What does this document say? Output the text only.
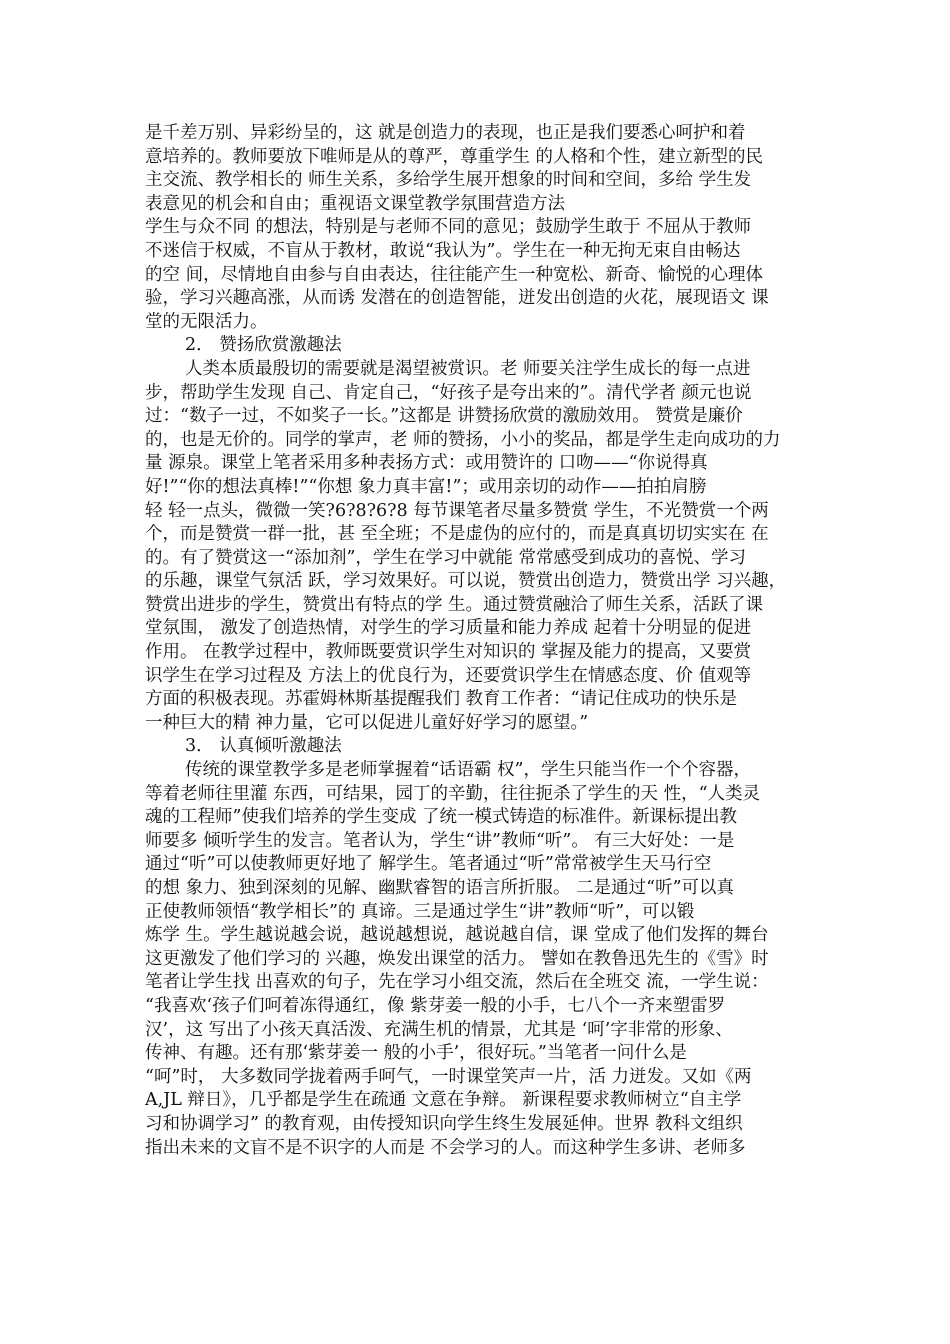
是千差万别、异彩纷呈的，这 就是创造力的表现，也正是我们要悉心呵护和着
意培养的。教师要放下唯师是从的尊严，尊重学生 的人格和个性，建立新型的民
主交流、教学相长的 师生关系，多给学生展开想象的时间和空间，多给 学生发
表意见的机会和自由；重视语文课堂教学氛围营造方法
学生与众不同 的想法，特别是与老师不同的意见；鼓励学生敢于 不屈从于教师
不迷信于权威，不盲从于教材，敢说“我认为”。学生在一种无拘无束自由畅达
的空 间，尽情地自由参与自由表达，往往能产生一种宽松、新奇、愉悦的心理体
验，学习兴趣高涨，从而诱 发潜在的创造智能，迸发出创造的火花，展现语文 课
堂的无限活力。
2． 赞扬欣赏激趣法
人类本质最殷切的需要就是渴望被赏识。老 师要关注学生成长的每一点进
步，帮助学生发现 自己、肯定自己，“好孩子是夸出来的”。清代学者 颜元也说
过：“数子一过，不如奖子一长。”这都是 讲赞扬欣赏的激励效用。 赞赏是廉价
的，也是无价的。同学的掌声，老 师的赞扬，小小的奖品，都是学生走向成功的力
量 源泉。课堂上笔者采用多种表扬方式：或用赞许的 口吻——“你说得真
好!”“你的想法真棒!”“你想 象力真丰富!”；或用亲切的动作——拍拍肩膀
轻 轻一点头，微微一笑?6?8?6?8 每节课笔者尽量多赞赏 学生，不光赞赏一个两
个，而是赞赏一群一批，甚 至全班；不是虚伪的应付的，而是真真切切实实在 在
的。有了赞赏这一“添加剂”，学生在学习中就能 常常感受到成功的喜悦、学习
的乐趣，课堂气氛活 跃，学习效果好。可以说，赞赏出创造力，赞赏出学 习兴趣，
赞赏出进步的学生，赞赏出有特点的学 生。通过赞赏融洽了师生关系，活跃了课
堂氛围， 激发了创造热情，对学生的学习质量和能力养成 起着十分明显的促进
作用。 在教学过程中，教师既要赏识学生对知识的 掌握及能力的提高，又要赏
识学生在学习过程及 方法上的优良行为，还要赏识学生在情感态度、价 值观等
方面的积极表现。苏霍姆林斯基提醒我们 教育工作者：“请记住成功的快乐是
一种巨大的精 神力量，它可以促进儿童好好学习的愿望。”
3． 认真倾听激趣法
传统的课堂教学多是老师掌握着“话语霸 权”，学生只能当作一个个容器，
等着老师往里灌 东西，可结果，园丁的辛勤，往往扼杀了学生的天 性，“人类灵
魂的工程师”使我们培养的学生变成 了统一模式铸造的标准件。新课标提出教
师要多 倾听学生的发言。笔者认为，学生“讲”教师“听”。 有三大好处：一是
通过“听”可以使教师更好地了 解学生。笔者通过“听”常常被学生天马行空
的想 象力、独到深刻的见解、幽默睿智的语言所折服。 二是通过“听”可以真
正使教师领悟“教学相长”的 真谛。三是通过学生“讲”教师“听”，可以锻
炼学 生。学生越说越会说，越说越想说，越说越自信，课 堂成了他们发挥的舞台
这更激发了他们学习的 兴趣，焕发出课堂的活力。 譬如在教鲁迅先生的《雪》时
笔者让学生找 出喜欢的句子，先在学习小组交流，然后在全班交 流，一学生说：
“我喜欢‘孩子们呵着冻得通红，像 紫芽姜一般的小手，七八个一齐来塑雷罗
汉’，这 写出了小孩天真活泼、充满生机的情景，尤其是 ‘呵’字非常的形象、
传神、有趣。还有那‘紫芽姜一 般的小手’，很好玩。”当笔者一问什么是
“呵”时， 大多数同学拢着两手呵气，一时课堂笑声一片，活 力迸发。又如《两
A,JL 辩日》，几乎都是学生在疏通 文意在争辩。 新课程要求教师树立“自主学
习和协调学习” 的教育观，由传授知识向学生终生发展延伸。世界 教科文组织
指出未来的文盲不是不识字的人而是 不会学习的人。而这种学生多讲、老师多
